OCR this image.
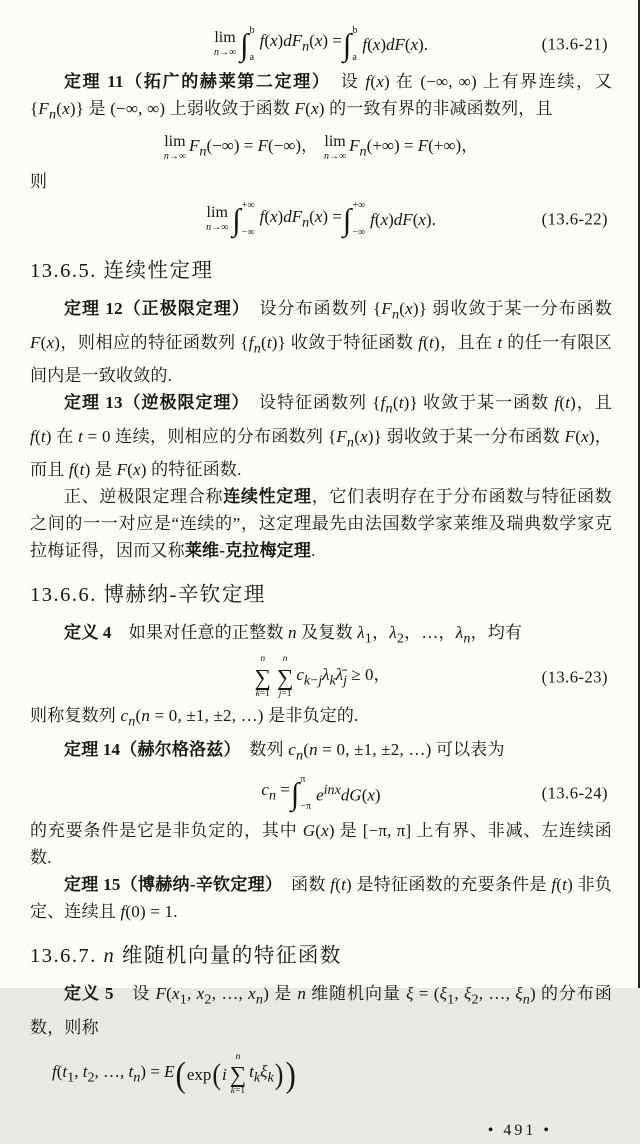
lim
n→∞ ∫ b
a
$f(x)dF_n(x)$ = ∫ b
a
f(x)dF(x).	(13.6-21)

定理 11（拓广的赫莱第二定理）　设 f(x) 在 (−∞, ∞) 上有界连续，又 $\{F_n(x)\}$ 是 (−∞, ∞) 上弱收敛于函数 F(x) 的一致有界的非减函数列，且

lim
n→∞
$F_n(-\infty) = F(-\infty)$， lim
n→∞
$F_n(+\infty) = F(+\infty)$，

则

lim
n→∞ ∫ +∞
−∞
$f(x)dF_n(x)$ = ∫ +∞
−∞
f(x)dF(x).	(13.6-22)
13.6.5. 连续性定理

定理 12（正极限定理）　设分布函数列 $\{F_n(x)\}$ 弱收敛于某一分布函数 F(x)，则相应的特征函数列 $\{f_n(t)\}$ 收敛于特征函数 f(t)，且在 t 的任一有限区间内是一致收敛的.

定理 13（逆极限定理）　设特征函数列 $\{f_n(t)\}$ 收敛于某一函数 f(t)，且 f(t) 在 t = 0 连续，则相应的分布函数列 $\{F_n(x)\}$ 弱收敛于某一分布函数 F(x)，而且 f(t) 是 F(x) 的特征函数.

正、逆极限定理合称连续性定理，它们表明存在于分布函数与特征函数之间的一一对应是“连续的”，这定理最先由法国数学家莱维及瑞典数学家克拉梅证得，因而又称莱维-克拉梅定理.

13.6.6. 博赫纳-辛钦定理

定义 4　如果对任意的正整数 n 及复数 $\lambda_1$，$\lambda_2$，…，$\lambda_n$，均有

n
∑
k=1
n
∑
j=1
$c_{k-j}\lambda_k\lambdā_j \ge 0$，	(13.6-23)

则称复数列 $c_n(n = 0$, ±1, ±2, …) 是非负定的.

定理 14（赫尔格洛兹）　数列 $c_n(n = 0$, ±1, ±2, …) 可以表为

$c_n$ = ∫ π
−π
$e^{inx}dG(x)$	(13.6-24)

的充要条件是它是非负定的，其中 G(x) 是 [−π, π] 上有界、非减、左连续函数.

定理 15（博赫纳-辛钦定理）　函数 f(t) 是特征函数的充要条件是 f(t) 非负定、连续且 f(0) = 1.

13.6.7. n 维随机向量的特征函数

定义 5　设 $F(x_1$, $x_2$, …, $x_n$) 是 n 维随机向量 $\xi = (\xi_1$, $\xi_2$, …, $\xi_n$) 的分布函数，则称

$f(t_1$, $t_2$, …, $t_n) = E$ ( exp ( i
n
∑
k=1
$t_k\xi_k$ ) )
• 491 •
